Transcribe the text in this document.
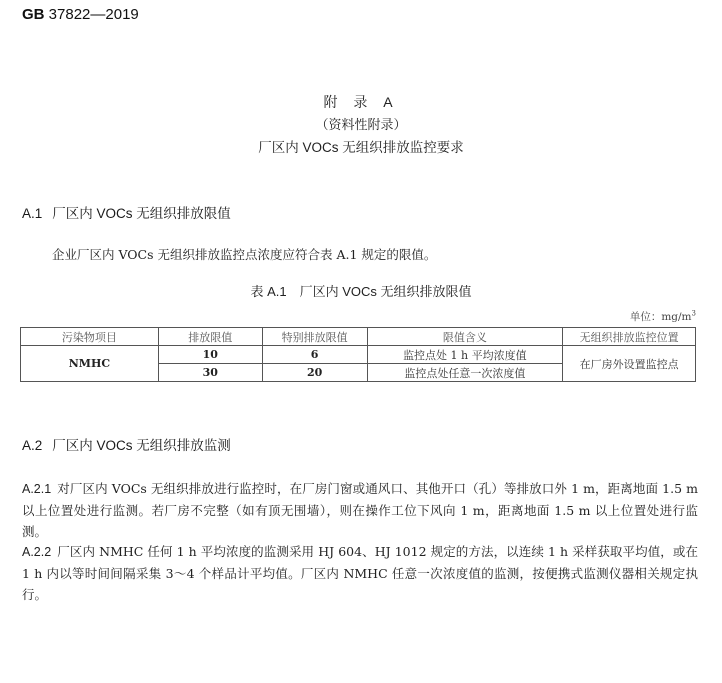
GB 37822—2019
附 录 A
（资料性附录）
厂区内 VOCs 无组织排放监控要求
A.1 厂区内 VOCs 无组织排放限值
企业厂区内 VOCs 无组织排放监控点浓度应符合表 A.1 规定的限值。
表 A.1　厂区内 VOCs 无组织排放限值
单位：$mg/m^3$
污染物项目	排放限值	特别排放限值	限值含义	无组织排放监控位置
NMHC	10	6	监控点处 1 h 平均浓度值	在厂房外设置监控点
	30	20	监控点处任意一次浓度值	
A.2 厂区内 VOCs 无组织排放监测
A.2.1 对厂区内 VOCs 无组织排放进行监控时，在厂房门窗或通风口、其他开口（孔）等排放口外 1 m，距离地面 1.5 m 以上位置处进行监测。若厂房不完整（如有顶无围墙），则在操作工位下风向 1 m，距离地面 1.5 m 以上位置处进行监测。
A.2.2 厂区内 NMHC 任何 1 h 平均浓度的监测采用 HJ 604、HJ 1012 规定的方法，以连续 1 h 采样获取平均值，或在 1 h 内以等时间间隔采集 3～4 个样品计平均值。厂区内 NMHC 任意一次浓度值的监测，按便携式监测仪器相关规定执行。
